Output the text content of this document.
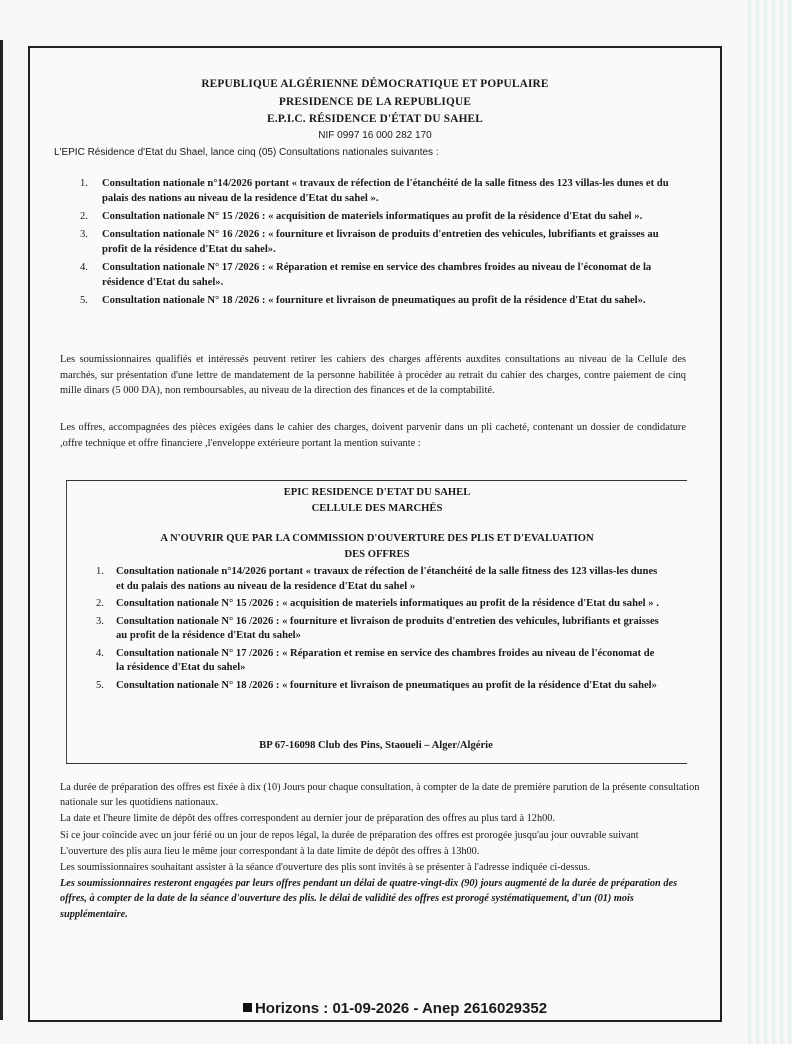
REPUBLIQUE ALGÉRIENNE DÉMOCRATIQUE ET POPULAIRE
PRESIDENCE DE LA REPUBLIQUE
E.P.I.C. RÉSIDENCE D'ÉTAT DU SAHEL
NIF 0997 16 000 282 170
L'EPIC Résidence d'Etat du Shael, lance cinq (05) Consultations nationales suivantes :
1. Consultation nationale n°14/2026 portant « travaux de réfection de l'étanchéité de la salle fitness des 123 villas-les dunes et du palais des nations au niveau de la residence d'Etat du sahel ».
2. Consultation nationale N° 15 /2026 : « acquisition de materiels informatiques au profit de la résidence d'Etat du sahel ».
3. Consultation nationale N° 16 /2026 : « fourniture et livraison de produits d'entretien des vehicules, lubrifiants et graisses au profit de la résidence d'Etat du sahel».
4. Consultation nationale N° 17 /2026 : « Réparation et remise en service des chambres froides au niveau de l'économat de la résidence d'Etat du sahel».
5. Consultation nationale N° 18 /2026 : « fourniture et livraison de pneumatiques au profit de la résidence d'Etat du sahel».
Les soumissionnaires qualifiés et intéressés peuvent retirer les cahiers des charges afférents auxdites consultations au niveau de la Cellule des marchés, sur présentation d'une lettre de mandatement de la personne habilitée à procéder au retrait du cahier des charges, contre paiement de cinq mille dinars (5 000 DA), non remboursables, au niveau de la direction des finances et de la comptabilité.
Les offres, accompagnées des pièces exigées dans le cahier des charges, doivent parvenir dans un pli cacheté, contenant un dossier de condidature ,offre technique et offre financiere ,l'enveloppe extérieure portant la mention suivante :
EPIC RESIDENCE D'ETAT DU SAHEL
CELLULE DES MARCHÉS
A N'OUVRIR QUE PAR LA COMMISSION D'OUVERTURE DES PLIS ET D'EVALUATION
DES OFFRES
1. Consultation nationale n°14/2026 portant « travaux de réfection de l'étanchéité de la salle fitness des 123 villas-les dunes et du palais des nations au niveau de la residence d'Etat du sahel »
2. Consultation nationale N° 15 /2026 : « acquisition de materiels informatiques au profit de la résidence d'Etat du sahel » .
3. Consultation nationale N° 16 /2026 : « fourniture et livraison de produits d'entretien des vehicules, lubrifiants et graisses au profit de la résidence d'Etat du sahel»
4. Consultation nationale N° 17 /2026 : « Réparation et remise en service des chambres froides au niveau de l'économat de la résidence d'Etat du sahel»
5. Consultation nationale N° 18 /2026 : « fourniture et livraison de pneumatiques au profit de la résidence d'Etat du sahel»
BP 67-16098 Club des Pins, Staoueli – Alger/Algérie

La durée de préparation des offres est fixée à dix (10) Jours pour chaque consultation, à compter de la date de première parution de la présente consultation nationale sur les quotidiens nationaux.

La date et l'heure limite de dépôt des offres correspondent au dernier jour de préparation des offres au plus tard à 12h00.

Si ce jour coïncide avec un jour férié ou un jour de repos légal, la durée de préparation des offres est prorogée jusqu'au jour ouvrable suivant

L'ouverture des plis aura lieu le même jour correspondant à la date limite de dépôt des offres à 13h00.

Les soumissionnaires souhaitant assister à la séance d'ouverture des plis sont invités à se présenter à l'adresse indiquée ci-dessus.

Les soumissionnaires resteront engagées par leurs offres pendant un délai de quatre-vingt-dix (90) jours augmenté de la durée de préparation des offres, à compter de la date de la séance d'ouverture des plis. le délai de validité des offres est prorogé systématiquement, d'un (01) mois supplémentaire.

Horizons : 01-09-2026 - Anep 2616029352
